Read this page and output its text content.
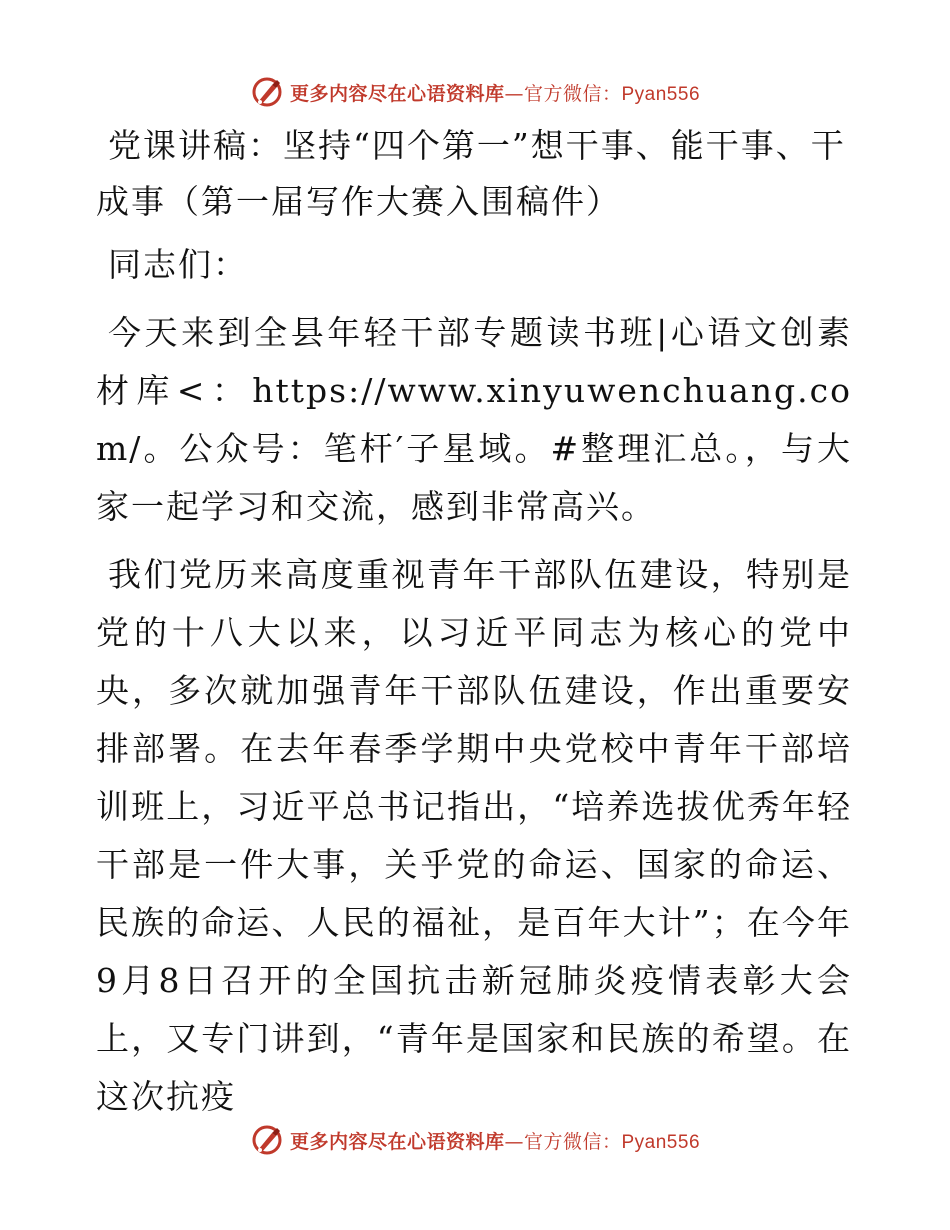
更多内容尽在心语资料库—官方微信：Pyan556
党课讲稿：坚持“四个第一”想干事、能干事、干成事（第一届写作大赛入围稿件）

同志们：

今天来到全县年轻干部专题读书班|心语文创素材库<：https://www.xinyuwenchuang.com/。公众号：笔杆′子星域。#整理汇总。，与大家一起学习和交流，感到非常高兴。

我们党历来高度重视青年干部队伍建设，特别是党的十八大以来，以习近平同志为核心的党中央，多次就加强青年干部队伍建设，作出重要安排部署。在去年春季学期中央党校中青年干部培训班上，习近平总书记指出，“培养选拔优秀年轻干部是一件大事，关乎党的命运、国家的命运、民族的命运、人民的福祉，是百年大计”；在今年9月8日召开的全国抗击新冠肺炎疫情表彰大会上，又专门讲到，“青年是国家和民族的希望。在这次抗疫

更多内容尽在心语资料库—官方微信：Pyan556
